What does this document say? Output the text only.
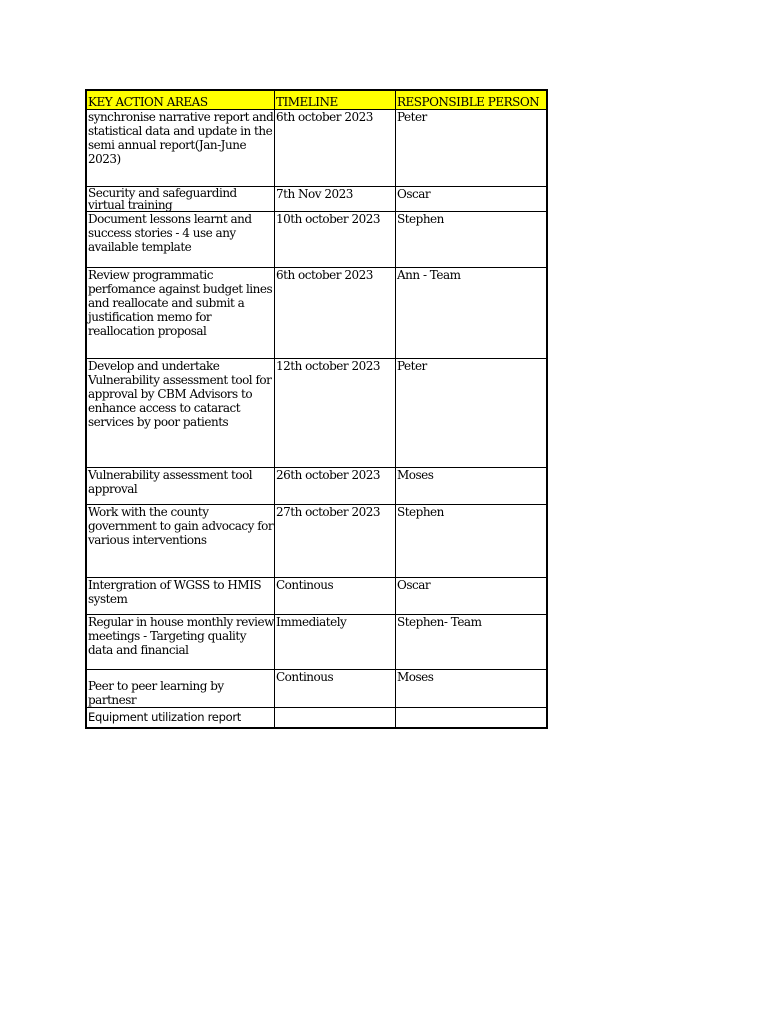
KEY ACTION AREAS	TIMELINE	RESPONSIBLE PERSON
synchronise narrative report and statistical data and update in the semi annual report(Jan-June 2023)	6th october 2023	Peter
Security and safeguardind virtual training	7th Nov 2023	Oscar
Document lessons learnt and success stories - 4 use any available template	10th october 2023	Stephen
Review programmatic perfomance against budget lines and reallocate and submit a justification memo for reallocation proposal	6th october 2023	Ann - Team
Develop and undertake Vulnerability assessment tool for approval by CBM Advisors to enhance access to cataract services by poor patients	12th october 2023	Peter
Vulnerability assessment tool approval	26th october 2023	Moses
Work with the county government to gain advocacy for various interventions	27th october 2023	Stephen
Intergration of WGSS to HMIS system	Continous	Oscar
Regular in house monthly review meetings - Targeting quality data and financial	Immediately	Stephen- Team
Peer to peer learning by partnesr	Continous	Moses
Equipment utilization report		
